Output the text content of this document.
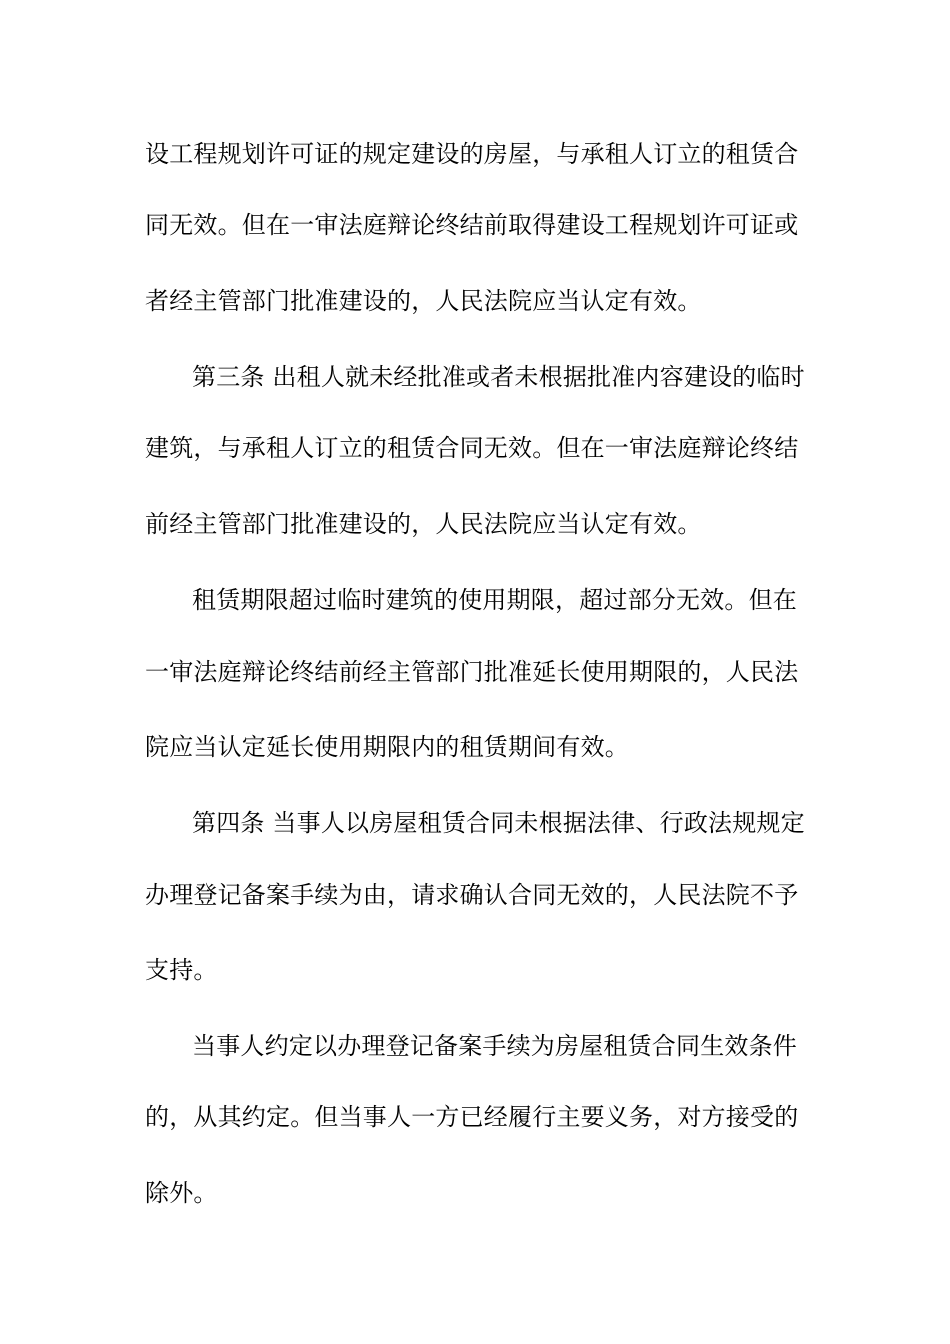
设工程规划许可证的规定建设的房屋，与承租人订立的租赁合
同无效。但在一审法庭辩论终结前取得建设工程规划许可证或
者经主管部门批准建设的，人民法院应当认定有效。
第三条 出租人就未经批准或者未根据批准内容建设的临时
建筑，与承租人订立的租赁合同无效。但在一审法庭辩论终结
前经主管部门批准建设的，人民法院应当认定有效。
租赁期限超过临时建筑的使用期限，超过部分无效。但在
一审法庭辩论终结前经主管部门批准延长使用期限的，人民法
院应当认定延长使用期限内的租赁期间有效。
第四条 当事人以房屋租赁合同未根据法律、行政法规规定
办理登记备案手续为由，请求确认合同无效的，人民法院不予
支持。
当事人约定以办理登记备案手续为房屋租赁合同生效条件
的，从其约定。但当事人一方已经履行主要义务，对方接受的
除外。
